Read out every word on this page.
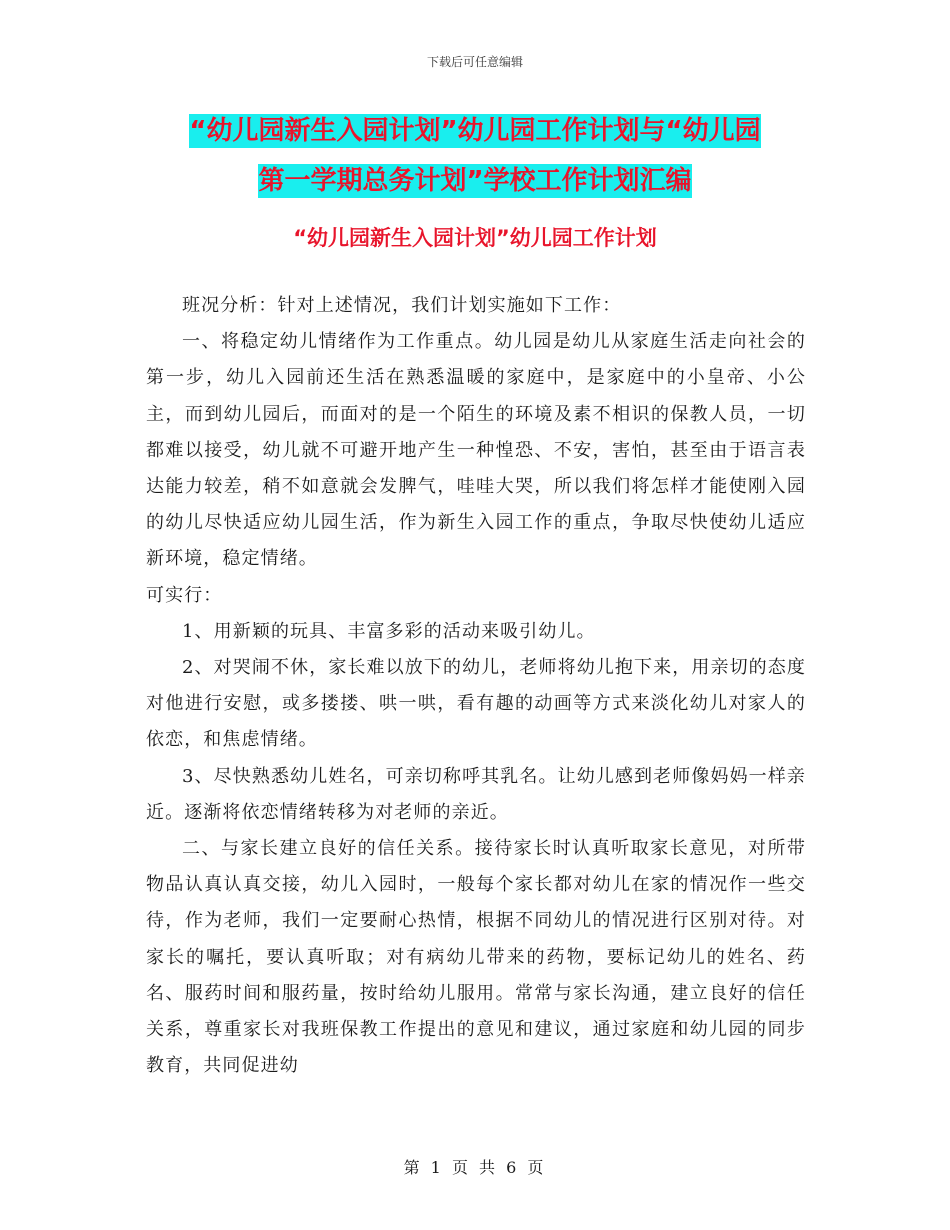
下载后可任意编辑
“幼儿园新生入园计划”幼儿园工作计划与“幼儿园
第一学期总务计划”学校工作计划汇编
“幼儿园新生入园计划”幼儿园工作计划

班况分析：针对上述情况，我们计划实施如下工作：

一、将稳定幼儿情绪作为工作重点。幼儿园是幼儿从家庭生活走向社会的第一步，幼儿入园前还生活在熟悉温暖的家庭中，是家庭中的小皇帝、小公主，而到幼儿园后，而面对的是一个陌生的环境及素不相识的保教人员，一切都难以接受，幼儿就不可避开地产生一种惶恐、不安，害怕，甚至由于语言表达能力较差，稍不如意就会发脾气，哇哇大哭，所以我们将怎样才能使刚入园的幼儿尽快适应幼儿园生活，作为新生入园工作的重点，争取尽快使幼儿适应新环境，稳定情绪。

可实行：

1、用新颖的玩具、丰富多彩的活动来吸引幼儿。

2、对哭闹不休，家长难以放下的幼儿，老师将幼儿抱下来，用亲切的态度对他进行安慰，或多搂搂、哄一哄，看有趣的动画等方式来淡化幼儿对家人的依恋，和焦虑情绪。

3、尽快熟悉幼儿姓名，可亲切称呼其乳名。让幼儿感到老师像妈妈一样亲近。逐渐将依恋情绪转移为对老师的亲近。

二、与家长建立良好的信任关系。接待家长时认真听取家长意见，对所带物品认真认真交接，幼儿入园时，一般每个家长都对幼儿在家的情况作一些交待，作为老师，我们一定要耐心热情，根据不同幼儿的情况进行区别对待。对家长的嘱托，要认真听取；对有病幼儿带来的药物，要标记幼儿的姓名、药名、服药时间和服药量，按时给幼儿服用。常常与家长沟通，建立良好的信任关系，尊重家长对我班保教工作提出的意见和建议，通过家庭和幼儿园的同步教育，共同促进幼

第 1 页 共 6 页
